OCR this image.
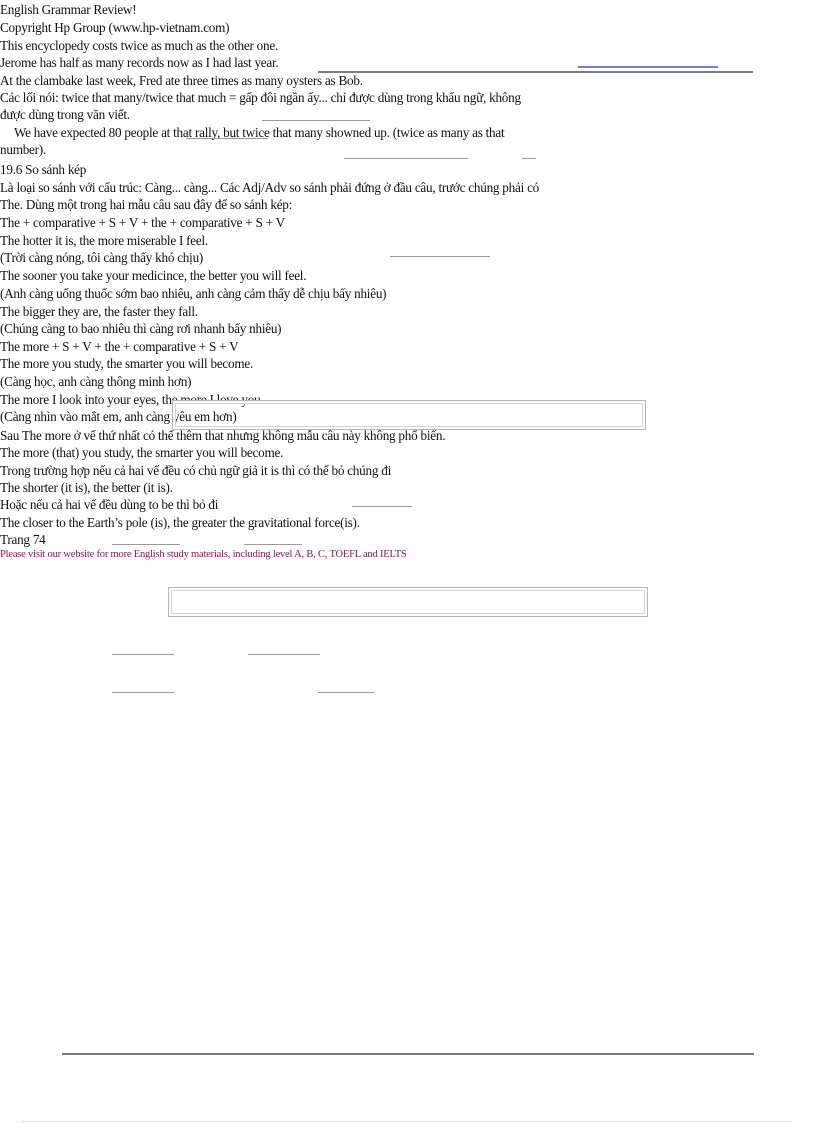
English Grammar Review!
Copyright Hp Group (www.hp-vietnam.com)
This encyclopedy costs twice as much as the other one.
Jerome has half as many records now as I had last year.
At the clambake last week, Fred ate three times as many oysters as Bob.
Các lối nói: twice that many/twice that much = gấp đôi ngần ấy... chỉ được dùng trong khẩu ngữ, không
được dùng trong văn viết.
We have expected 80 people at that rally, but twice that many showned up. (twice as many as that
number).
19.6 So sánh kép
Là loại so sánh với cấu trúc: Càng... càng... Các Adj/Adv so sánh phải đứng ở đầu câu, trước chúng phải có
The. Dùng một trong hai mẫu câu sau đây để so sánh kép:
The + comparative + S + V + the + comparative + S + V
The hotter it is, the more miserable I feel.
(Trời càng nóng, tôi càng thấy khó chịu)
The sooner you take your medicince, the better you will feel.
(Anh càng uống thuốc sớm bao nhiêu, anh càng cảm thấy dễ chịu bấy nhiêu)
The bigger they are, the faster they fall.
(Chúng càng to bao nhiêu thì càng rơi nhanh bấy nhiêu)
The more + S + V + the + comparative + S + V
The more you study, the smarter you will become.
(Càng học, anh càng thông minh hơn)
The more I look into your eyes, the more I love you.
(Càng nhìn vào mắt em, anh càng yêu em hơn)
Sau The more ở vế thứ nhất có thể thêm that nhưng không mẫu câu này không phổ biến.
The more (that) you study, the smarter you will become.
Trong trường hợp nếu cả hai vế đều có chủ ngữ giả it is thì có thể bỏ chúng đi
The shorter (it is), the better (it is).
Hoặc nếu cả hai vế đều dùng to be thì bỏ đi
The closer to the Earth’s pole (is), the greater the gravitational force(is).
Trang 74
Please visit our website for more English study materials, including level A, B, C, TOEFL and IELTS
